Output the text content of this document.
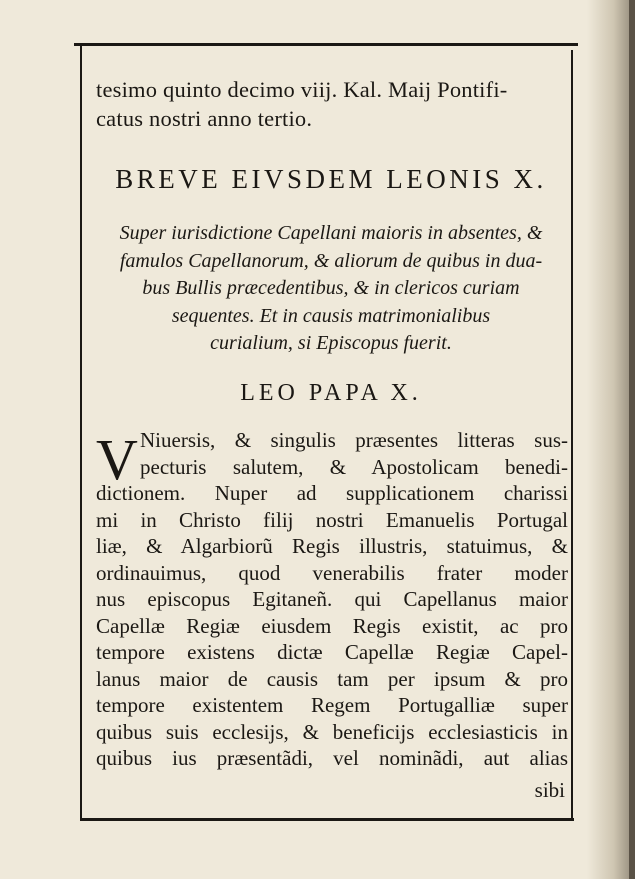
tesimo quinto decimo viij. Kal. Maij Pontifi-
catus nostri anno tertio.
BREVE EIVSDEM LEONIS X.
Super iurisdictione Capellani maioris in absentes, &
famulos Capellanorum, & aliorum de quibus in dua-
bus Bullis præcedentibus, & in clericos curiam
sequentes. Et in causis matrimonialibus
curialium, si Episcopus fuerit.
LEO PAPA X.
V Niuersis, & singulis præsentes litteras sus-
pecturis salutem, & Apostolicam benedi-
dictionem. Nuper ad supplicationem charissi
mi in Christo filij nostri Emanuelis Portugal
liæ, & Algarbiorũ Regis illustris, statuimus, &
ordinauimus, quod venerabilis frater moder
nus episcopus Egitaneñ. qui Capellanus maior
Capellæ Regiæ eiusdem Regis existit, ac pro
tempore existens dictæ Capellæ Regiæ Capel-
lanus maior de causis tam per ipsum & pro
tempore existentem Regem Portugalliæ super
quibus suis ecclesijs, & beneficijs ecclesiasticis in
quibus ius præsentãdi, vel nominãdi, aut alias
sibi
